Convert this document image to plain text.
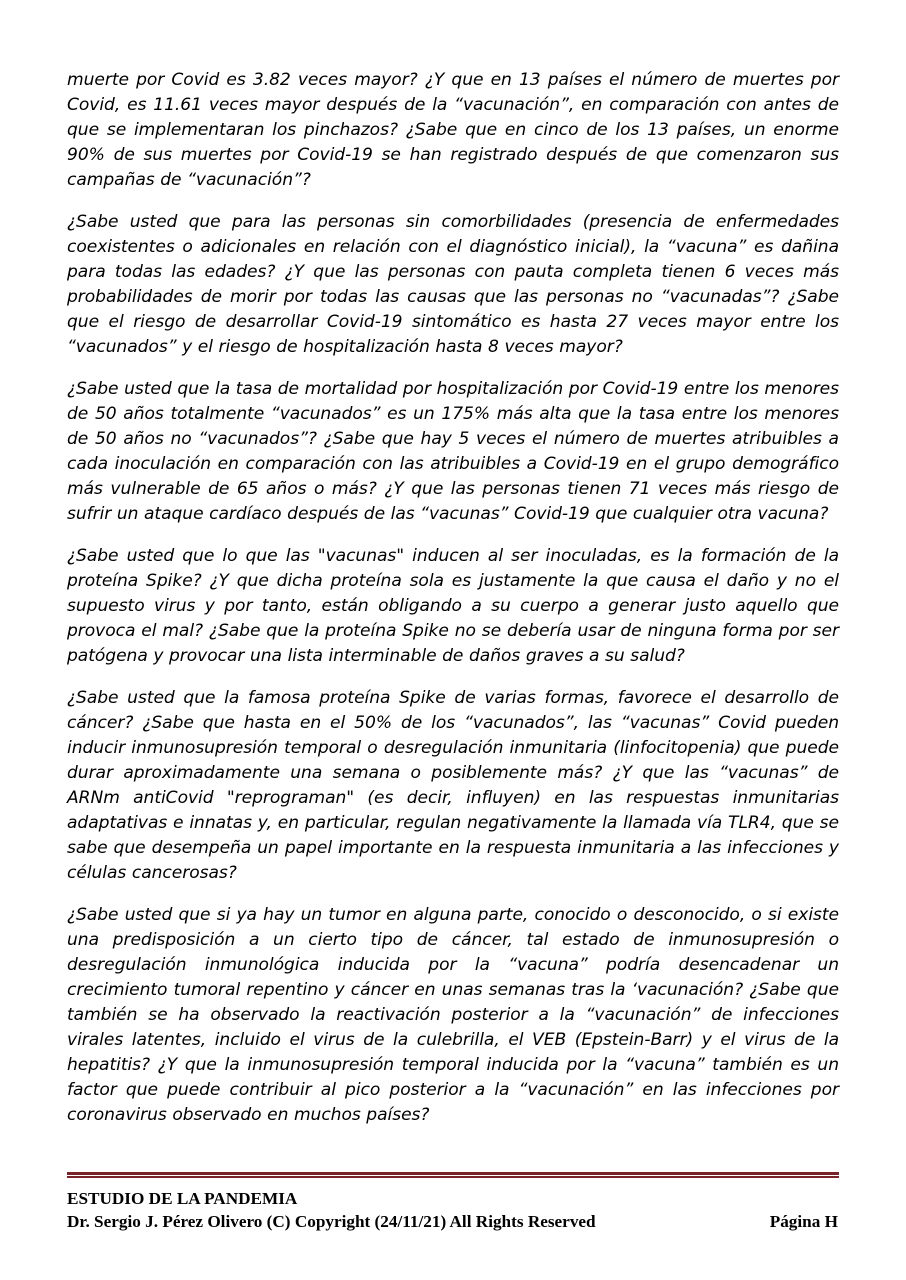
muerte por Covid es 3.82 veces mayor? ¿Y que en 13 países el número de muertes por Covid, es 11.61 veces mayor después de la “vacunación”, en comparación con antes de que se implementaran los pinchazos? ¿Sabe que en cinco de los 13 países, un enorme 90% de sus muertes por Covid-19 se han registrado después de que comenzaron sus campañas de “vacunación”?

¿Sabe usted que para las personas sin comorbilidades (presencia de enfermedades coexistentes o adicionales en relación con el diagnóstico inicial), la “vacuna” es dañina para todas las edades? ¿Y que las personas con pauta completa tienen 6 veces más probabilidades de morir por todas las causas que las personas no “vacunadas”? ¿Sabe que el riesgo de desarrollar Covid-19 sintomático es hasta 27 veces mayor entre los “vacunados” y el riesgo de hospitalización hasta 8 veces mayor?

¿Sabe usted que la tasa de mortalidad por hospitalización por Covid-19 entre los menores de 50 años totalmente “vacunados” es un 175% más alta que la tasa entre los menores de 50 años no “vacunados”? ¿Sabe que hay 5 veces el número de muertes atribuibles a cada inoculación en comparación con las atribuibles a Covid-19 en el grupo demográfico más vulnerable de 65 años o más? ¿Y que las personas tienen 71 veces más riesgo de sufrir un ataque cardíaco después de las “vacunas” Covid-19 que cualquier otra vacuna?

¿Sabe usted que lo que las "vacunas" inducen al ser inoculadas, es la formación de la proteína Spike? ¿Y que dicha proteína sola es justamente la que causa el daño y no el supuesto virus y por tanto, están obligando a su cuerpo a generar justo aquello que provoca el mal? ¿Sabe que la proteína Spike no se debería usar de ninguna forma por ser patógena y provocar una lista interminable de daños graves a su salud?

¿Sabe usted que la famosa proteína Spike de varias formas, favorece el desarrollo de cáncer? ¿Sabe que hasta en el 50% de los “vacunados”, las “vacunas” Covid pueden inducir inmunosupresión temporal o desregulación inmunitaria (linfocitopenia) que puede durar aproximadamente una semana o posiblemente más? ¿Y que las “vacunas” de ARNm antiCovid "reprograman" (es decir, influyen) en las respuestas inmunitarias adaptativas e innatas y, en particular, regulan negativamente la llamada vía TLR4, que se sabe que desempeña un papel importante en la respuesta inmunitaria a las infecciones y células cancerosas?

¿Sabe usted que si ya hay un tumor en alguna parte, conocido o desconocido, o si existe una predisposición a un cierto tipo de cáncer, tal estado de inmunosupresión o desregulación inmunológica inducida por la “vacuna” podría desencadenar un crecimiento tumoral repentino y cáncer en unas semanas tras la ‘vacunación? ¿Sabe que también se ha observado la reactivación posterior a la “vacunación” de infecciones virales latentes, incluido el virus de la culebrilla, el VEB (Epstein-Barr) y el virus de la hepatitis? ¿Y que la inmunosupresión temporal inducida por la “vacuna” también es un factor que puede contribuir al pico posterior a la “vacunación” en las infecciones por coronavirus observado en muchos países?

ESTUDIO DE LA PANDEMIA
Dr. Sergio J. Pérez Olivero (C) Copyright (24/11/21) All Rights Reserved	Página H
